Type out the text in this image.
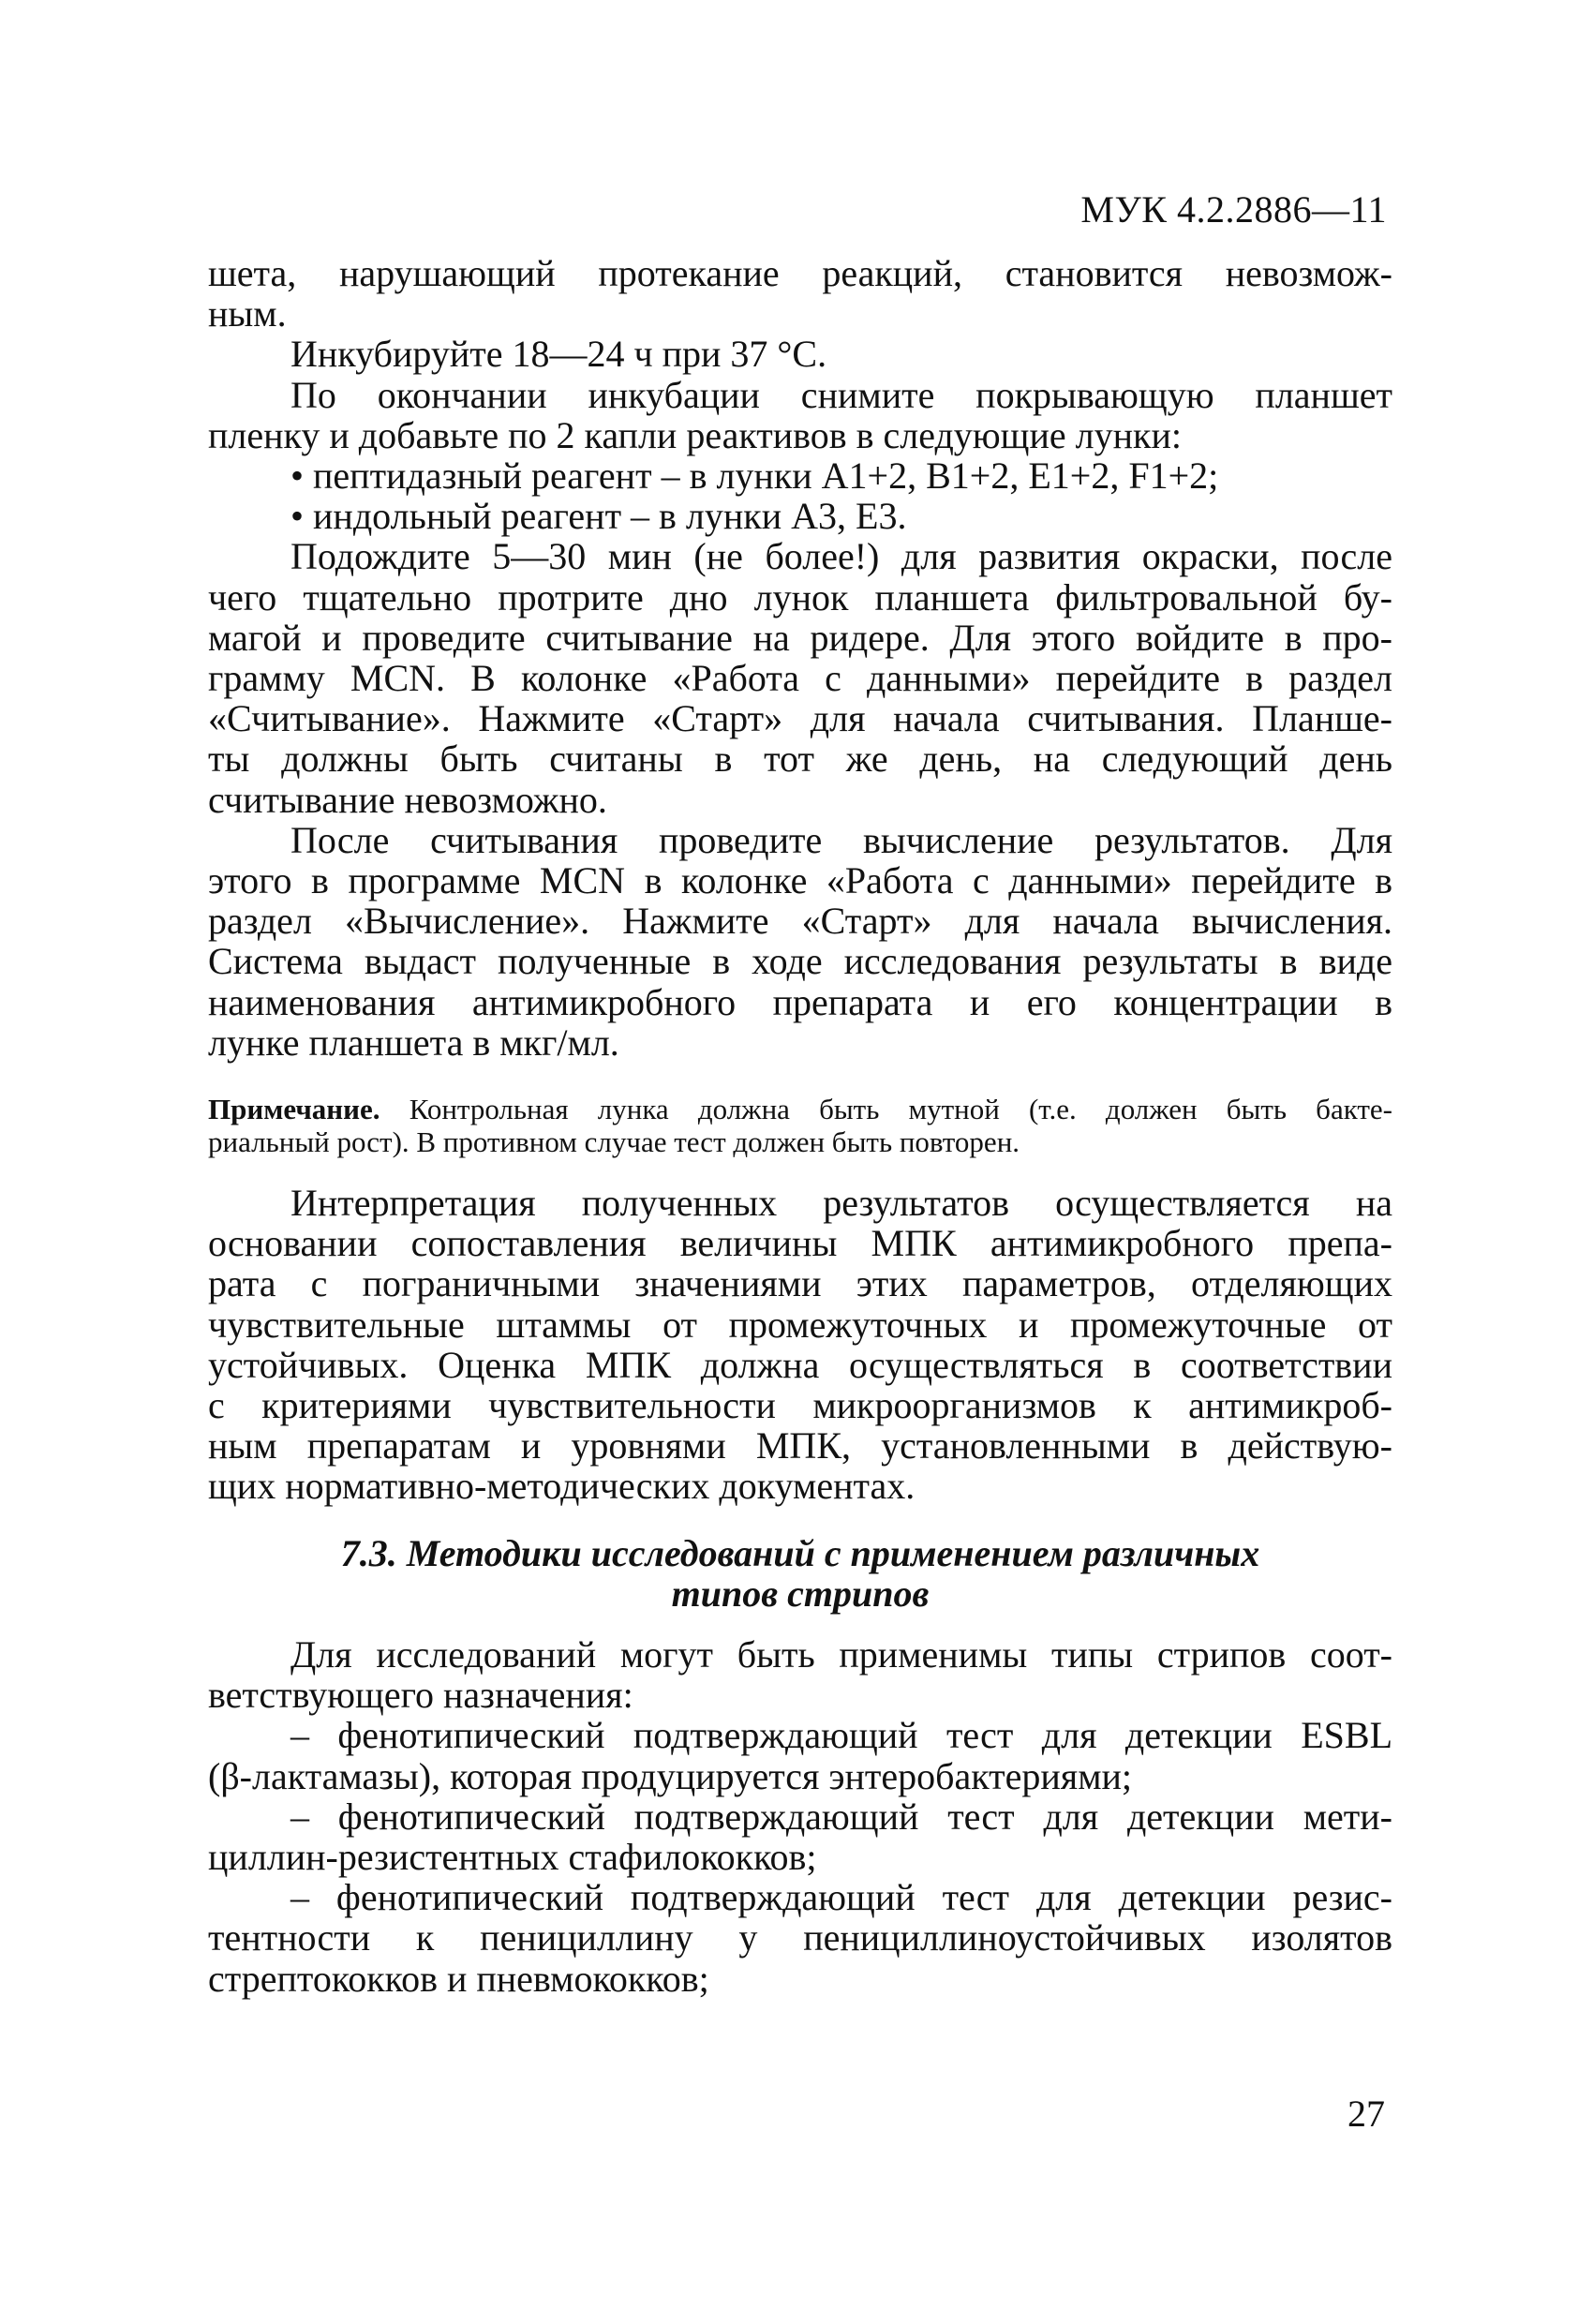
МУК 4.2.2886—11
шета, нарушающий протекание реакций, становится невозмож-
ным.
Инкубируйте 18—24 ч при 37 °С.
По окончании инкубации снимите покрывающую планшет
пленку и добавьте по 2 капли реактивов в следующие лунки:
• пептидазный реагент – в лунки А1+2, В1+2, Е1+2, F1+2;
• индольный реагент – в лунки А3, Е3.
Подождите 5—30 мин (не более!) для развития окраски, после
чего тщательно протрите дно лунок планшета фильтровальной бу-
магой и проведите считывание на ридере. Для этого войдите в про-
грамму MCN. В колонке «Работа с данными» перейдите в раздел
«Считывание». Нажмите «Старт» для начала считывания. Планше-
ты должны быть считаны в тот же день, на следующий день
считывание невозможно.
После считывания проведите вычисление результатов. Для
этого в программе MCN в колонке «Работа с данными» перейдите в
раздел «Вычисление». Нажмите «Старт» для начала вычисления.
Система выдаст полученные в ходе исследования результаты в виде
наименования антимикробного препарата и его концентрации в
лунке планшета в мкг/мл.
Примечание. Контрольная лунка должна быть мутной (т.е. должен быть бакте-
риальный рост). В противном случае тест должен быть повторен.
Интерпретация полученных результатов осуществляется на
основании сопоставления величины МПК антимикробного препа-
рата с пограничными значениями этих параметров, отделяющих
чувствительные штаммы от промежуточных и промежуточные от
устойчивых. Оценка МПК должна осуществляться в соответствии
с критериями чувствительности микроорганизмов к антимикроб-
ным препаратам и уровнями МПК, установленными в действую-
щих нормативно-методических документах.
7.3. Методики исследований с применением различных
типов стрипов
Для исследований могут быть применимы типы стрипов соот-
ветствующего назначения:
– фенотипический подтверждающий тест для детекции ESBL
(β-лактамазы), которая продуцируется энтеробактериями;
– фенотипический подтверждающий тест для детекции мети-
циллин-резистентных стафилококков;
– фенотипический подтверждающий тест для детекции резис-
тентности к пенициллину у пенициллиноустойчивых изолятов
стрептококков и пневмококков;
27
